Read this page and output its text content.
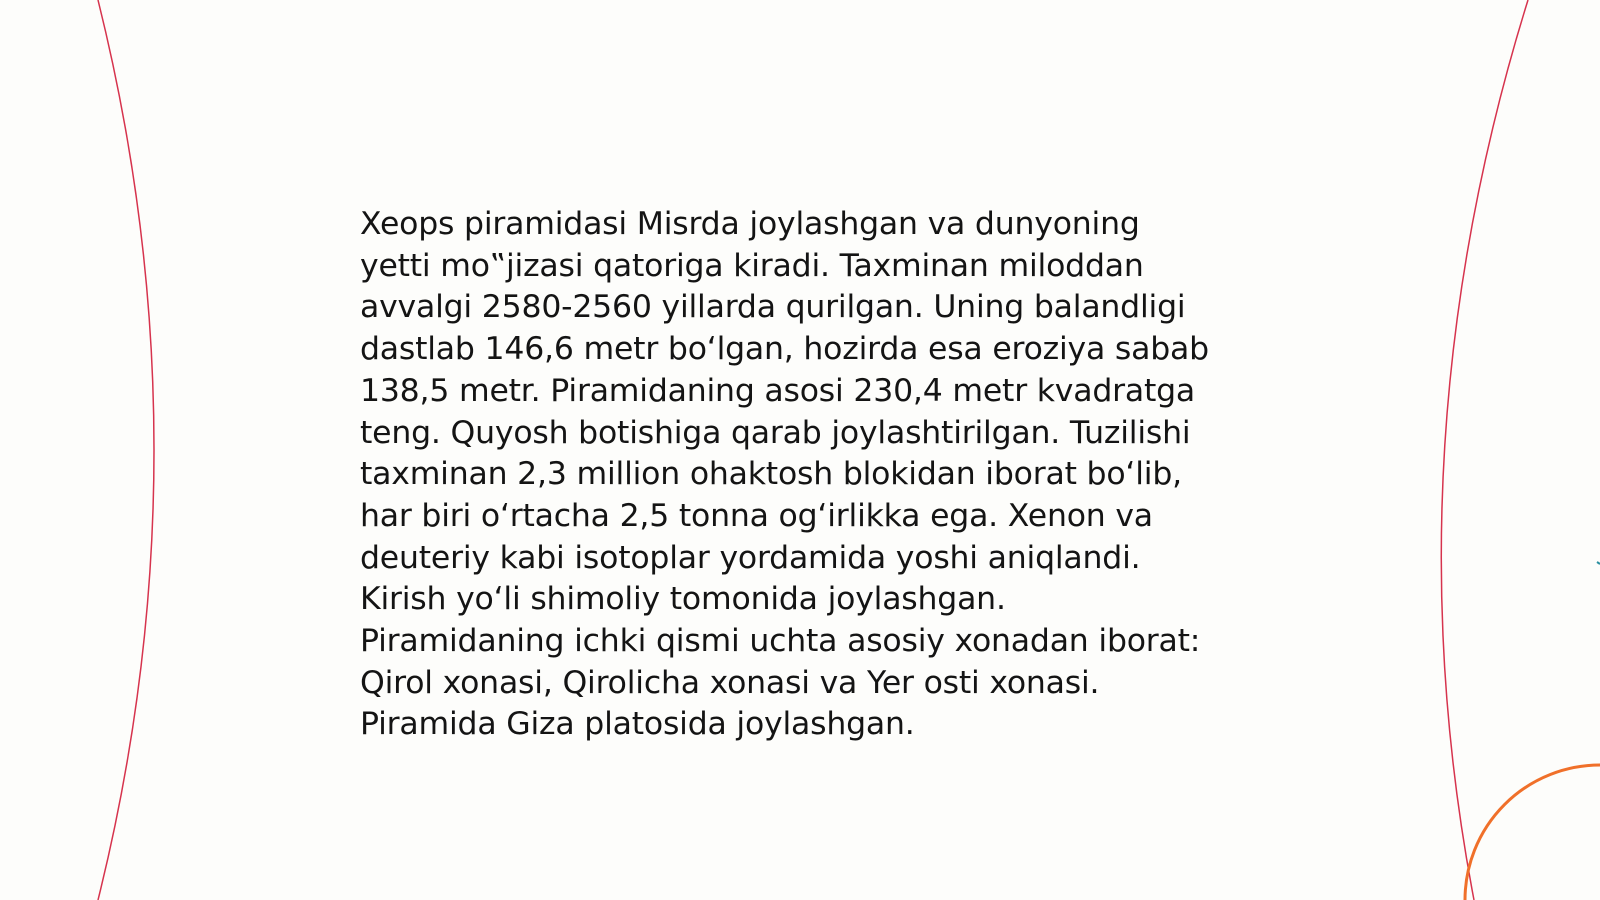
Xeops piramidasi Misrda joylashgan va dunyoning
yetti mo‟jizasi qatoriga kiradi. Taxminan miloddan
avvalgi 2580-2560 yillarda qurilgan. Uning balandligi
dastlab 146,6 metr bo‘lgan, hozirda esa eroziya sabab
138,5 metr. Piramidaning asosi 230,4 metr kvadratga
teng. Quyosh botishiga qarab joylashtirilgan. Tuzilishi
taxminan 2,3 million ohaktosh blokidan iborat bo‘lib,
har biri o‘rtacha 2,5 tonna og‘irlikka ega. Xenon va
deuteriy kabi isotoplar yordamida yoshi aniqlandi.
Kirish yo‘li shimoliy tomonida joylashgan.
Piramidaning ichki qismi uchta asosiy xonadan iborat:
Qirol xonasi, Qirolicha xonasi va Yer osti xonasi.
Piramida Giza platosida joylashgan.
